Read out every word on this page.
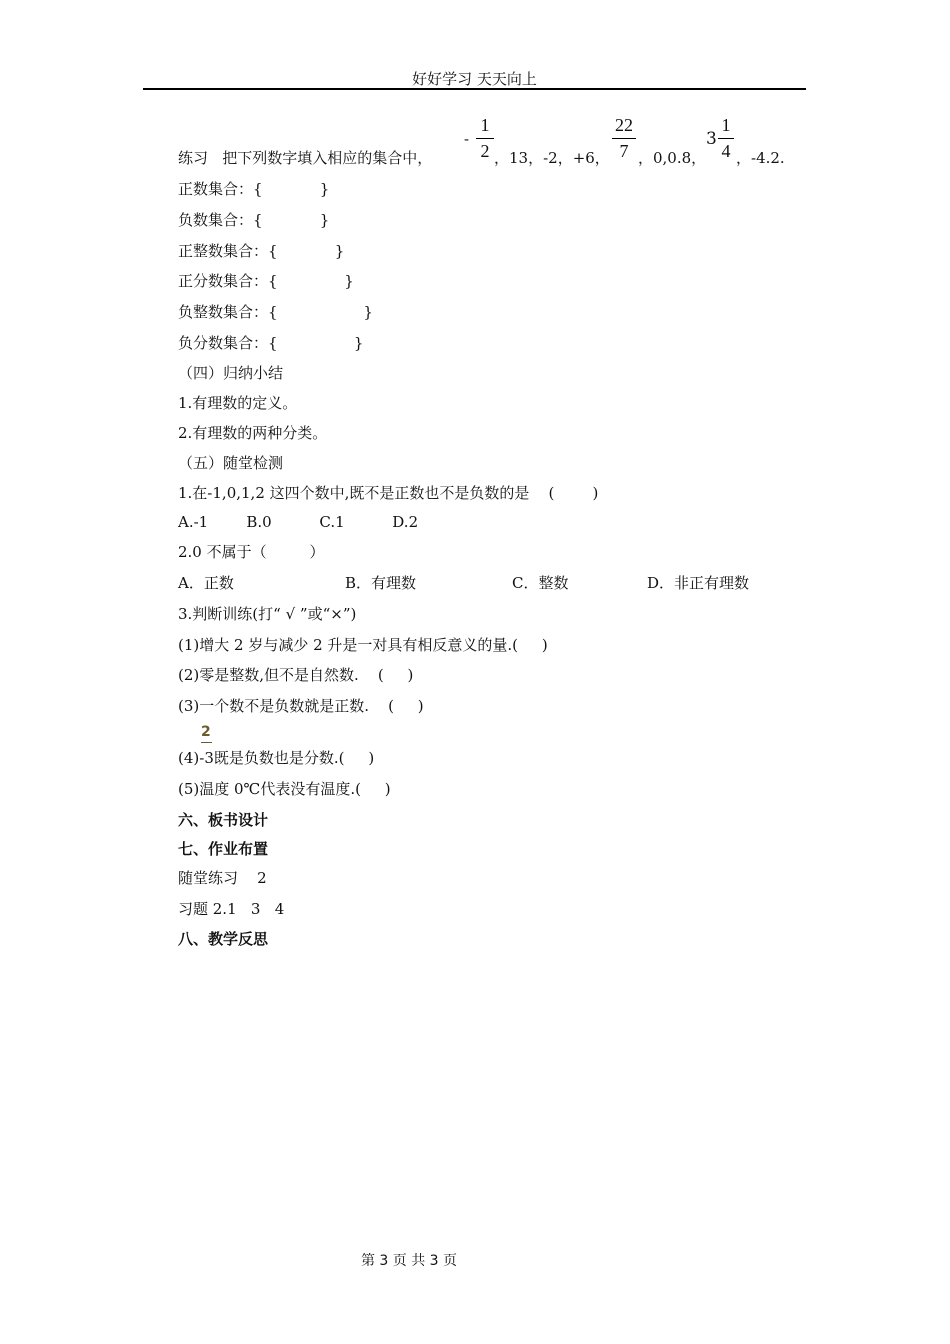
好好学习 天天向上
练习   把下列数字填入相应的集合中，
-
1
2 ，13，-2，+6，
22
7 ，0,0.8，
3
1
4 ，-4.2.
正数集合：{            }
负数集合：{            }
正整数集合：{            }
正分数集合：{              }
负整数集合：{                  }
负分数集合：{                }
（四）归纳小结
1.有理数的定义。
2.有理数的两种分类。
（五）随堂检测
1.在-1,0,1,2 这四个数中,既不是正数也不是负数的是    (        )
A.-1        B.0          C.1          D.2
2.0 不属于（         ）
A．正数	B．有理数	C．整数	D．非正有理数
3.判断训练(打“ √ ”或“×”)
(1)增大 2 岁与减少 2 升是一对具有相反意义的量.(     )
(2)零是整数,但不是自然数.    (     )
(3)一个数不是负数就是正数.    (     )
2
(4)-3既是负数也是分数.(     )
(5)温度 0℃代表没有温度.(     )
六、板书设计
七、作业布置
随堂练习    2
习题 2.1   3   4
八、教学反思
第 3 页 共 3 页
